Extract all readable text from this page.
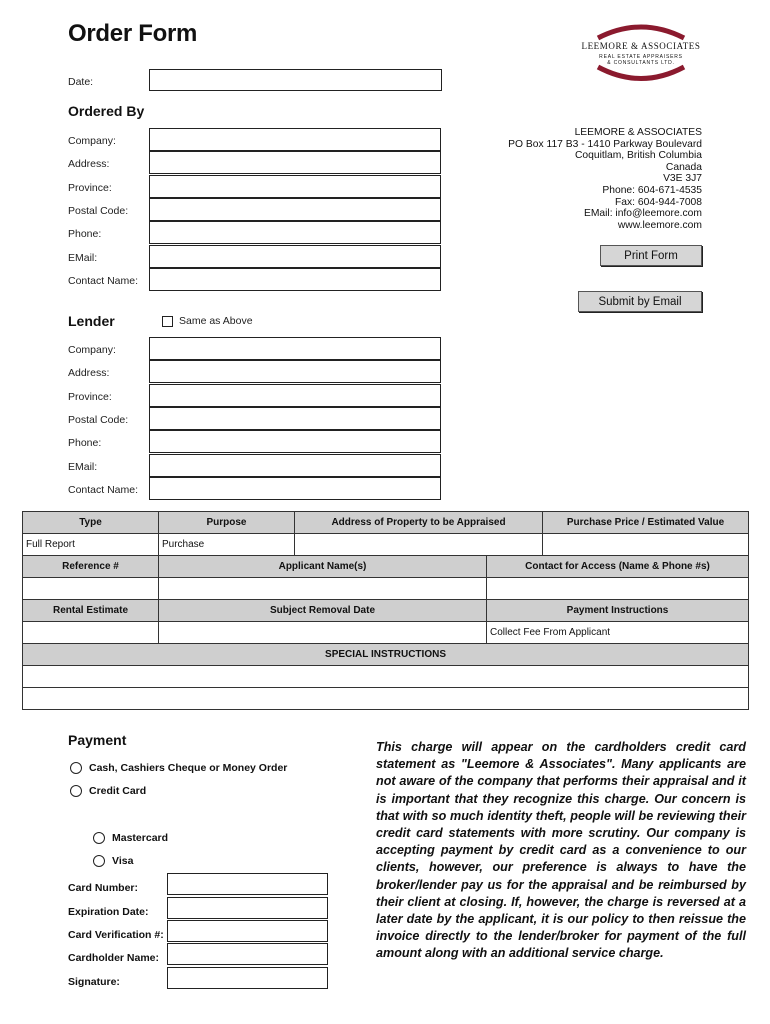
Order Form
Date:
LEEMORE & ASSOCIATES
REAL ESTATE APPRAISERS
& CONSULTANTS LTD.
Ordered By
Company:
Address:
Province:
Postal Code:
Phone:
EMail:
Contact Name:
LEEMORE & ASSOCIATES
PO Box 117 B3 - 1410 Parkway Boulevard
Coquitlam, British Columbia
Canada
V3E 3J7
Phone: 604-671-4535
Fax: 604-944-7008
EMail: info@leemore.com
www.leemore.com
Print Form
Submit by Email
Lender	Same as Above
Company:
Address:
Province:
Postal Code:
Phone:
EMail:
Contact Name:
Type	Purpose	Address of Property to be Appraised		Purchase Price / Estimated Value
Full Report	Purchase			
Reference #	Applicant Name(s)		Contact for Access (Name & Phone #s)	

Rental Estimate	Subject Removal Date		Payment Instructions	
			Collect Fee From Applicant	
SPECIAL INSTRUCTIONS				

Payment
Cash, Cashiers Cheque or Money Order
Credit Card
Mastercard
Visa
Card Number:
Expiration Date:
Card Verification #:
Cardholder Name:
Signature:
This charge will appear on the cardholders credit card statement as "Leemore & Associates". Many applicants are not aware of the company that performs their appraisal and it is important that they recognize this charge. Our concern is that with so much identity theft, people will be reviewing their credit card statements with more scrutiny. Our company is accepting payment by credit card as a convenience to our clients, however, our preference is always to have the broker/lender pay us for the appraisal and be reimbursed by their client at closing. If, however, the charge is reversed at a later date by the applicant, it is our policy to then reissue the invoice directly to the lender/broker for payment of the full amount along with an additional service charge.
